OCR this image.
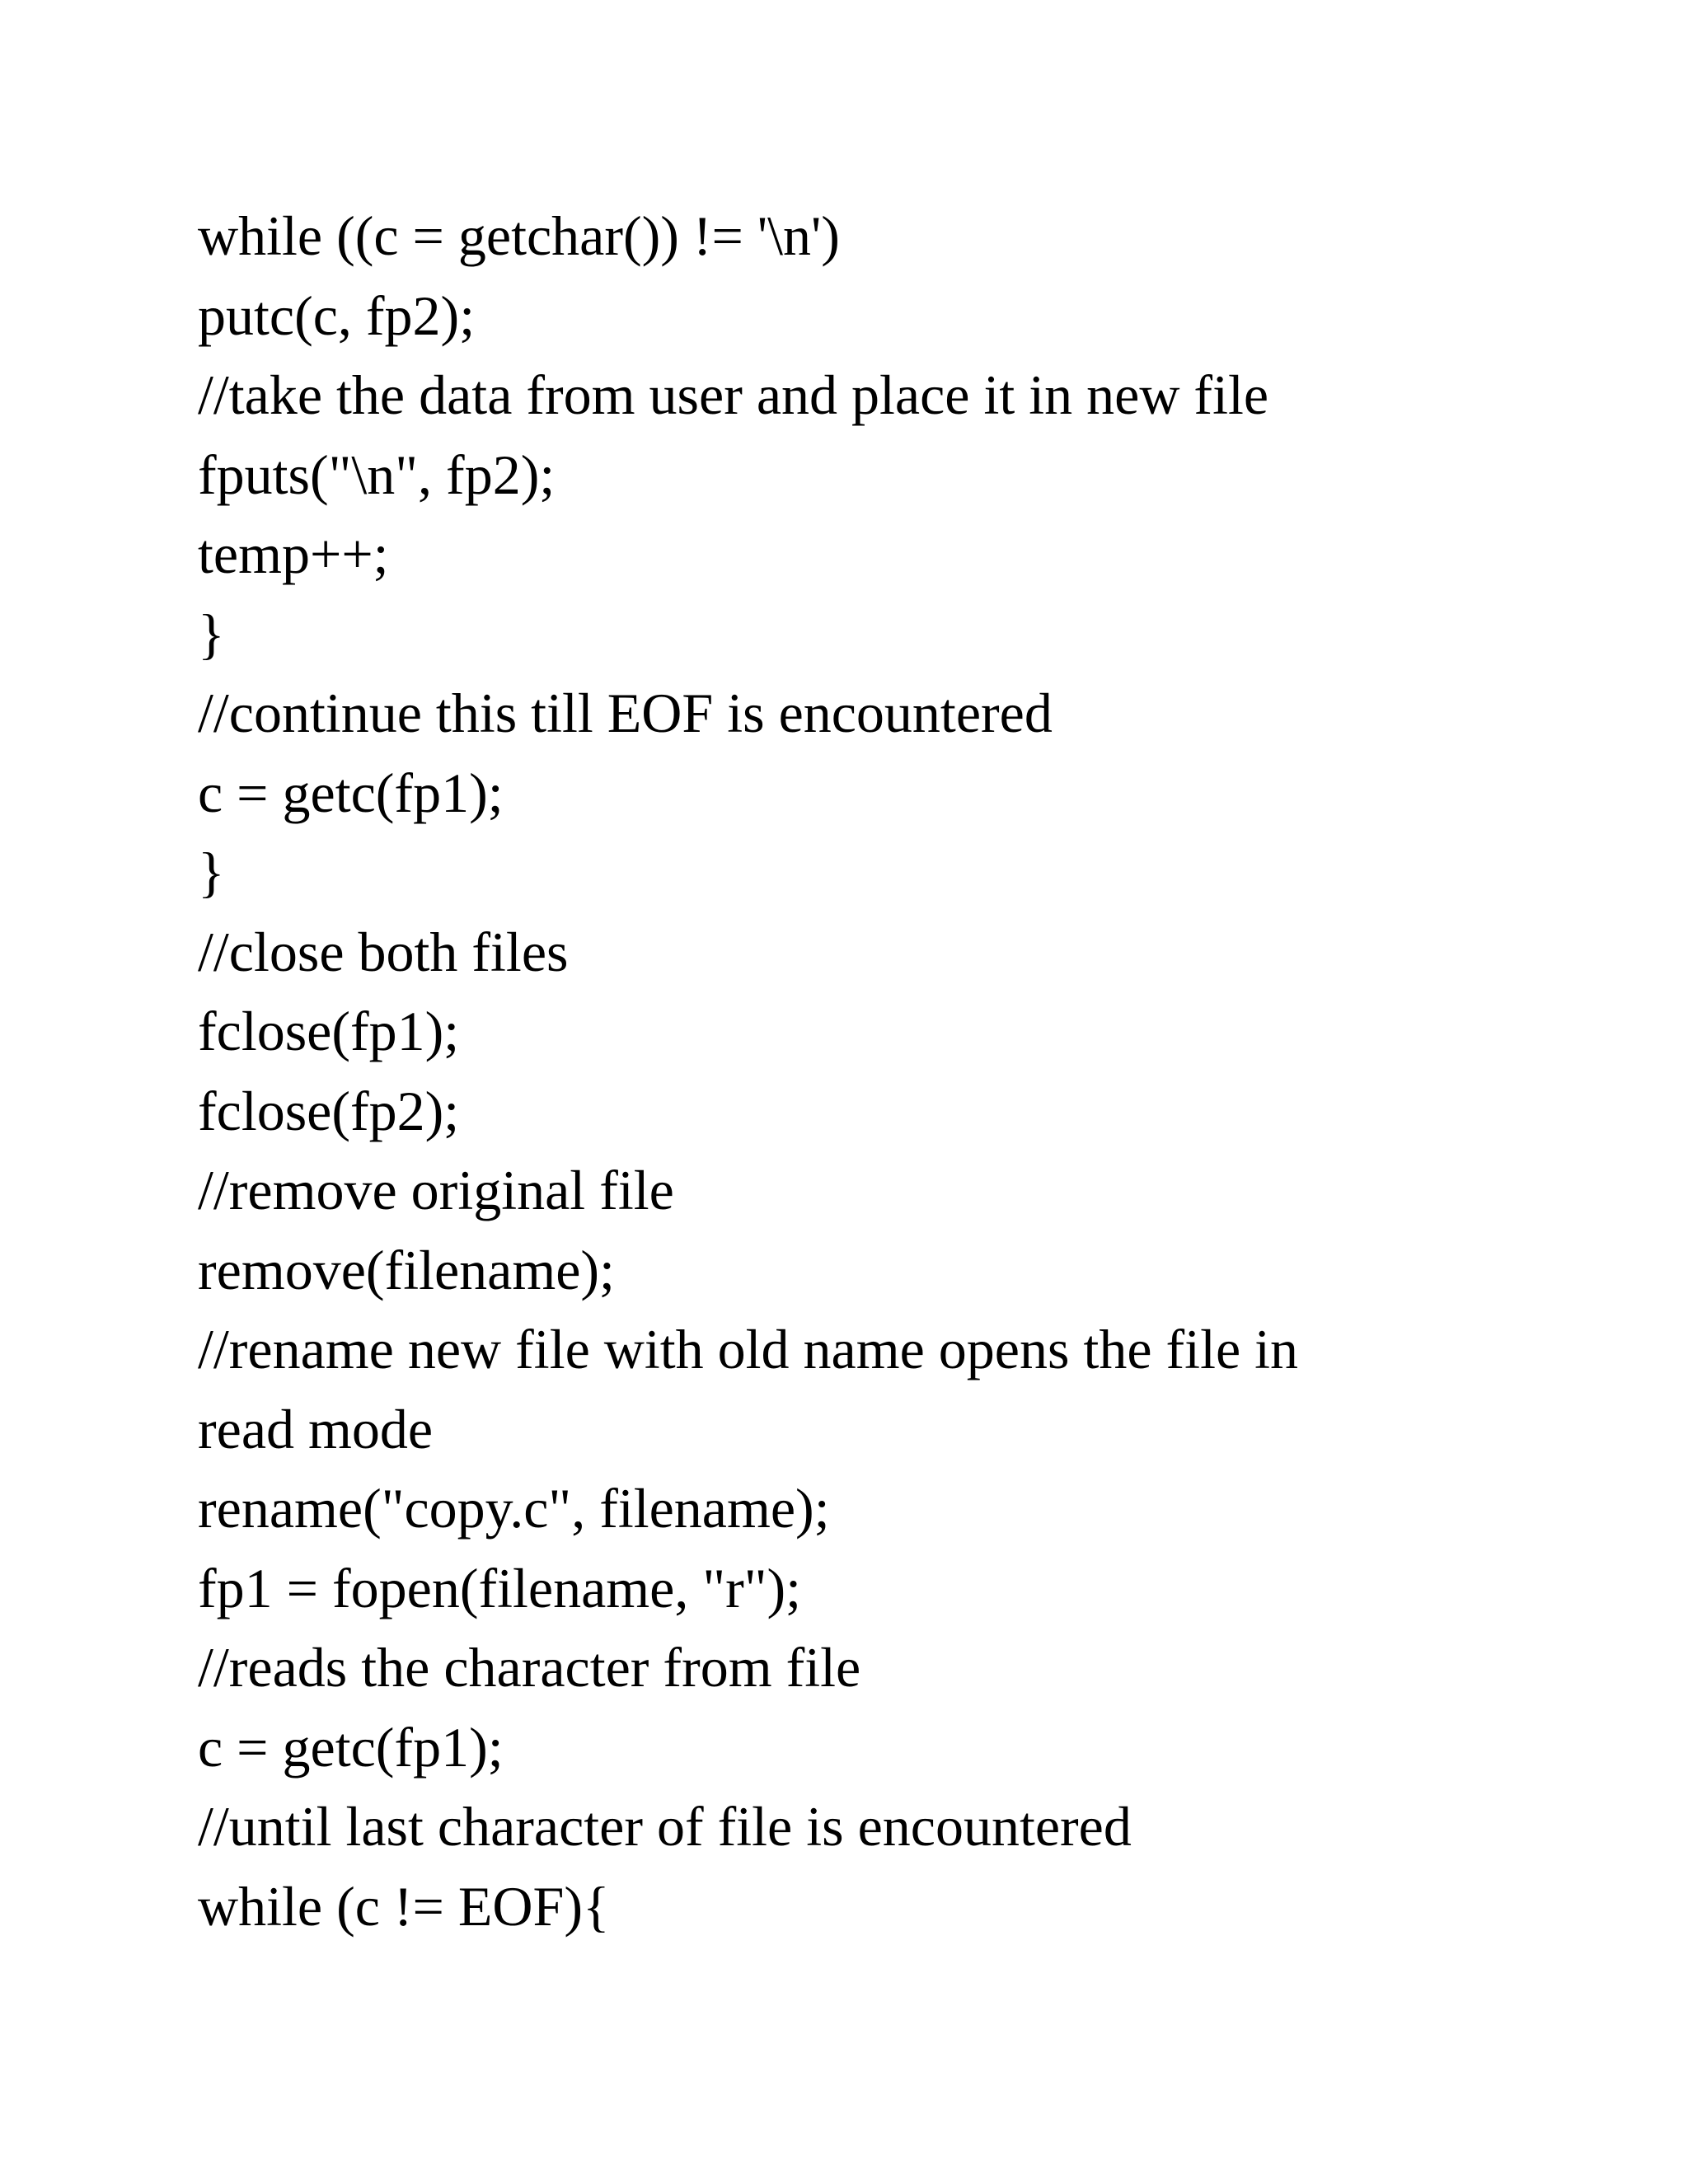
while ((c = getchar()) != '\n')
putc(c, fp2);
//take the data from user and place it in new file
fputs("\n", fp2);
temp++;
}
//continue this till EOF is encountered
c = getc(fp1);
}
//close both files
fclose(fp1);
fclose(fp2);
//remove original file
remove(filename);
//rename new file with old name opens the file in
read mode
rename("copy.c", filename);
fp1 = fopen(filename, "r");
//reads the character from file
c = getc(fp1);
//until last character of file is encountered
while (c != EOF){
